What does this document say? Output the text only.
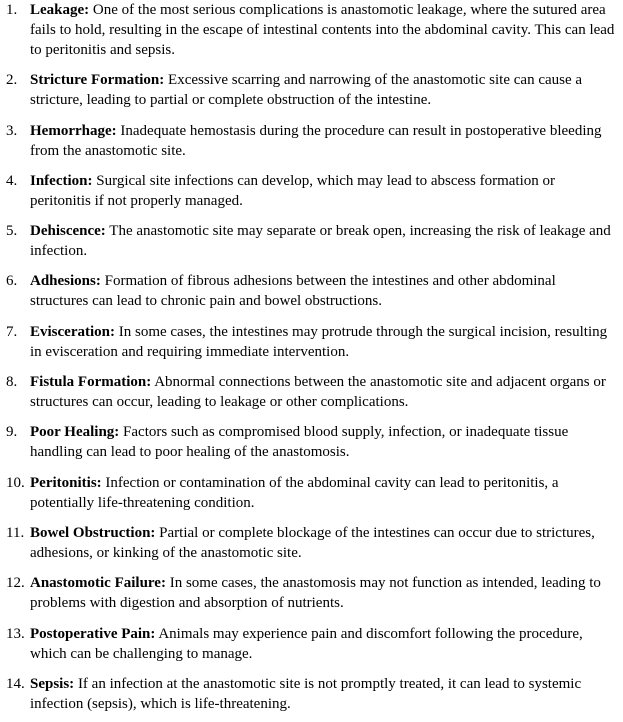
1. Leakage: One of the most serious complications is anastomotic leakage, where the sutured area fails to hold, resulting in the escape of intestinal contents into the abdominal cavity. This can lead to peritonitis and sepsis.
2. Stricture Formation: Excessive scarring and narrowing of the anastomotic site can cause a stricture, leading to partial or complete obstruction of the intestine.
3. Hemorrhage: Inadequate hemostasis during the procedure can result in postoperative bleeding from the anastomotic site.
4. Infection: Surgical site infections can develop, which may lead to abscess formation or peritonitis if not properly managed.
5. Dehiscence: The anastomotic site may separate or break open, increasing the risk of leakage and infection.
6. Adhesions: Formation of fibrous adhesions between the intestines and other abdominal structures can lead to chronic pain and bowel obstructions.
7. Evisceration: In some cases, the intestines may protrude through the surgical incision, resulting in evisceration and requiring immediate intervention.
8. Fistula Formation: Abnormal connections between the anastomotic site and adjacent organs or structures can occur, leading to leakage or other complications.
9. Poor Healing: Factors such as compromised blood supply, infection, or inadequate tissue handling can lead to poor healing of the anastomosis.
10. Peritonitis: Infection or contamination of the abdominal cavity can lead to peritonitis, a potentially life-threatening condition.
11. Bowel Obstruction: Partial or complete blockage of the intestines can occur due to strictures, adhesions, or kinking of the anastomotic site.
12. Anastomotic Failure: In some cases, the anastomosis may not function as intended, leading to problems with digestion and absorption of nutrients.
13. Postoperative Pain: Animals may experience pain and discomfort following the procedure, which can be challenging to manage.
14. Sepsis: If an infection at the anastomotic site is not promptly treated, it can lead to systemic infection (sepsis), which is life-threatening.
